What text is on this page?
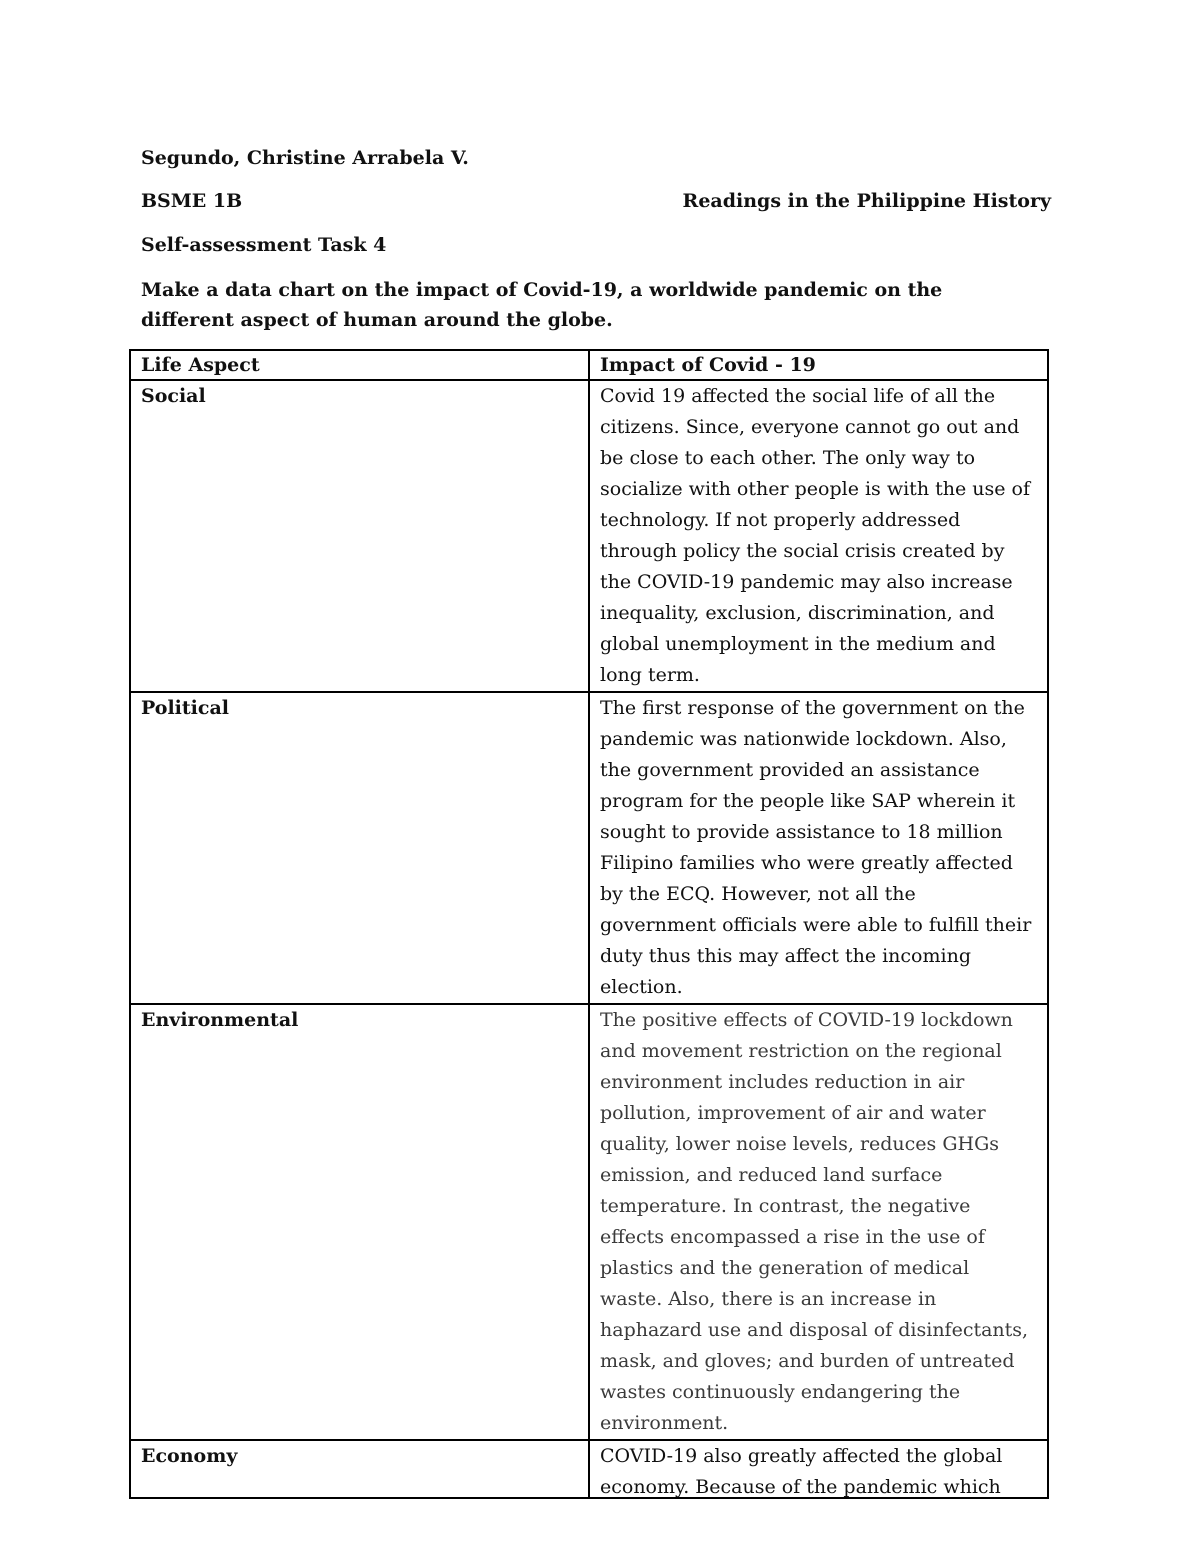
Segundo, Christine Arrabela V.
BSME 1B	Readings in the Philippine History
Self-assessment Task 4
Make a data chart on the impact of Covid-19, a worldwide pandemic on the different aspect of human around the globe.
Life Aspect	Impact of Covid - 19
Social	Covid 19 affected the social life of all the citizens. Since, everyone cannot go out and be close to each other. The only way to socialize with other people is with the use of technology. If not properly addressed through policy the social crisis created by the COVID-19 pandemic may also increase inequality, exclusion, discrimination, and global unemployment in the medium and long term.
Political	The first response of the government on the pandemic was nationwide lockdown. Also, the government provided an assistance program for the people like SAP wherein it sought to provide assistance to 18 million Filipino families who were greatly affected by the ECQ. However, not all the government officials were able to fulfill their duty thus this may affect the incoming election.
Environmental	The positive effects of COVID-19 lockdown and movement restriction on the regional environment includes reduction in air pollution, improvement of air and water quality, lower noise levels, reduces GHGs emission, and reduced land surface temperature. In contrast, the negative effects encompassed a rise in the use of plastics and the generation of medical waste. Also, there is an increase in haphazard use and disposal of disinfectants, mask, and gloves; and burden of untreated wastes continuously endangering the environment.
Economy	COVID-19 also greatly affected the global economy. Because of the pandemic which
